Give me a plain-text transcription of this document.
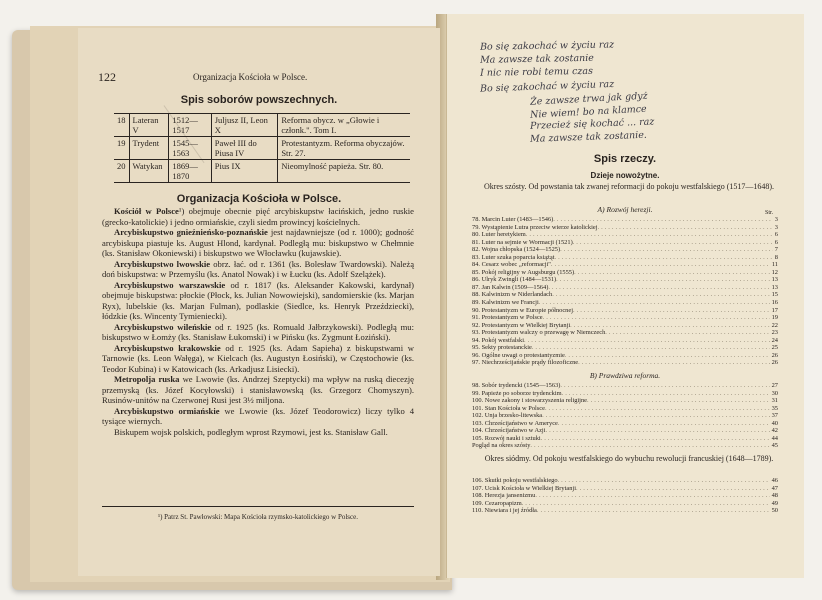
122	Organizacja Kościoła w Polsce.
Spis soborów powszechnych.
Organizacja Kościoła w Polsce.
¹) Patrz St. Pawłowski: Mapa Kościoła rzymsko-katolickiego w Polsce.
18	Lateran V	1512—1517	Juljusz II, Leon X	Reforma obycz. w „Głowie i członk.". Tom I.
19	Trydent	1545—1563	Paweł III do Piusa IV	Protestantyzm. Reforma obyczajów. Str. 27.
20	Watykan	1869—1870	Pius IX	Nieomylność papieża. Str. 80.

Kościół w Polsce¹) obejmuje obecnie pięć arcybiskupstw łacińskich, jedno ruskie (grecko-katolickie) i jedno ormiańskie, czyli siedm prowincyj kościelnych.

Arcybiskupstwo gnieźnieńsko-poznańskie jest najdawniejsze (od r. 1000); godność arcybiskupa piastuje ks. August Hlond, kardynał. Podległą mu: biskupstwo w Chełmnie (ks. Stanisław Okoniewski) i biskupstwo we Włocławku (kujawskie).

Arcybiskupstwo lwowskie obrz. łać. od r. 1361 (ks. Bolesław Twardowski). Należą doń biskupstwa: w Przemyślu (ks. Anatol Nowak) i w Łucku (ks. Adolf Szelążek).

Arcybiskupstwo warszawskie od r. 1817 (ks. Aleksander Kakowski, kardynał) obejmuje biskupstwa: płockie (Płock, ks. Julian Nowowiejski), sandomierskie (ks. Marjan Ryx), lubelskie (ks. Marjan Fulman), podlaskie (Siedlce, ks. Henryk Przeździecki), łódzkie (ks. Wincenty Tymieniecki).

Arcybiskupstwo wileńskie od r. 1925 (ks. Romuald Jałbrzykowski). Podległą mu: biskupstwo w Łomży (ks. Stanisław Łukomski) i w Pińsku (ks. Zygmunt Łoziński).

Arcybiskupstwo krakowskie od r. 1925 (ks. Adam Sapieha) z biskupstwami w Tarnowie (ks. Leon Wałęga), w Kielcach (ks. Augustyn Łosiński), w Częstochowie (ks. Teodor Kubina) i w Katowicach (ks. Arkadjusz Lisiecki).

Metropolja ruska we Lwowie (ks. Andrzej Szeptycki) ma wpływ na ruską diecezję przemyską (ks. Józef Kocyłowski) i stanisławowską (ks. Grzegorz Chomyszyn). Rusinów-unitów na Czerwonej Rusi jest 3½ miljona.

Arcybiskupstwo ormiańskie we Lwowie (ks. Józef Teodorowicz) liczy tylko 4 tysiące wiernych.

Biskupem wojsk polskich, podległym wprost Rzymowi, jest ks. Stanisław Gall.

Bo się zakochać w życiu raz
Ma zawsze tak zostanie
I nic nie robi temu czas
Bo się zakochać w życiu raz
Że zawsze trwa jak gdyż
Nie wiem! bo na klamce
Przecież się kochać ... raz
Ma zawsze tak zostanie.
Spis rzeczy.
Dzieje nowożytne.
Okres szósty. Od powstania tak zwanej reformacji do pokoju westfalskiego (1517—1648).
A) Rozwój herezji.	Str.
78. Marcin Luter (1483—1546) .....	3
79. Wystąpienie Lutra przeciw wierze katolickiej .....	3
80. Luter heretykiem .....	6
81. Luter na sejmie w Wormacji (1521) .....	6
82. Wojna chłopska (1524—1525) .....	7
83. Luter szuka poparcia książąt .....	8
84. Cesarz wobec „reformacji" .....	11
85. Pokój religijny w Augsburgu (1555) .....	12
86. Ulryk Zwingli (1484—1531) .....	13
87. Jan Kalwin (1509—1564) .....	13
88. Kalwinizm w Niderlandach .....	15
89. Kalwinizm we Francji .....	16
90. Protestantyzm w Europie północnej .....	17
91. Protestantyzm w Polsce .....	19
92. Protestantyzm w Wielkiej Brytanji .....	22
93. Protestantyzm walczy o przewagę w Niemczech .....	23
94. Pokój westfalski .....	24
95. Sekty protestanckie .....	25
96. Ogólne uwagi o protestantyzmie .....	26
97. Niechrześcijańskie prądy filozoficzne .....	26
B) Prawdziwa reforma.
98. Sobór trydencki (1545—1563) .....	27
99. Papieże po soborze trydenckim .....	30
100. Nowe zakony i stowarzyszenia religijne .....	31
101. Stan Kościoła w Polsce .....	35
102. Unja brzesko-litewska .....	37
103. Chrześcijaństwo w Ameryce .....	40
104. Chrześcijaństwo w Azji .....	42
105. Rozwój nauki i sztuki .....	44
Pogląd na okres szósty .....	45
Okres siódmy. Od pokoju westfalskiego do wybuchu rewolucji francuskiej (1648—1789).
106. Skutki pokoju westfalskiego .....	46
107. Ucisk Kościoła w Wielkiej Brytanji .....	47
108. Herezja jansenizmu .....	48
109. Cezaropapizm .....	49
110. Niewiara i jej źródła .....	50
